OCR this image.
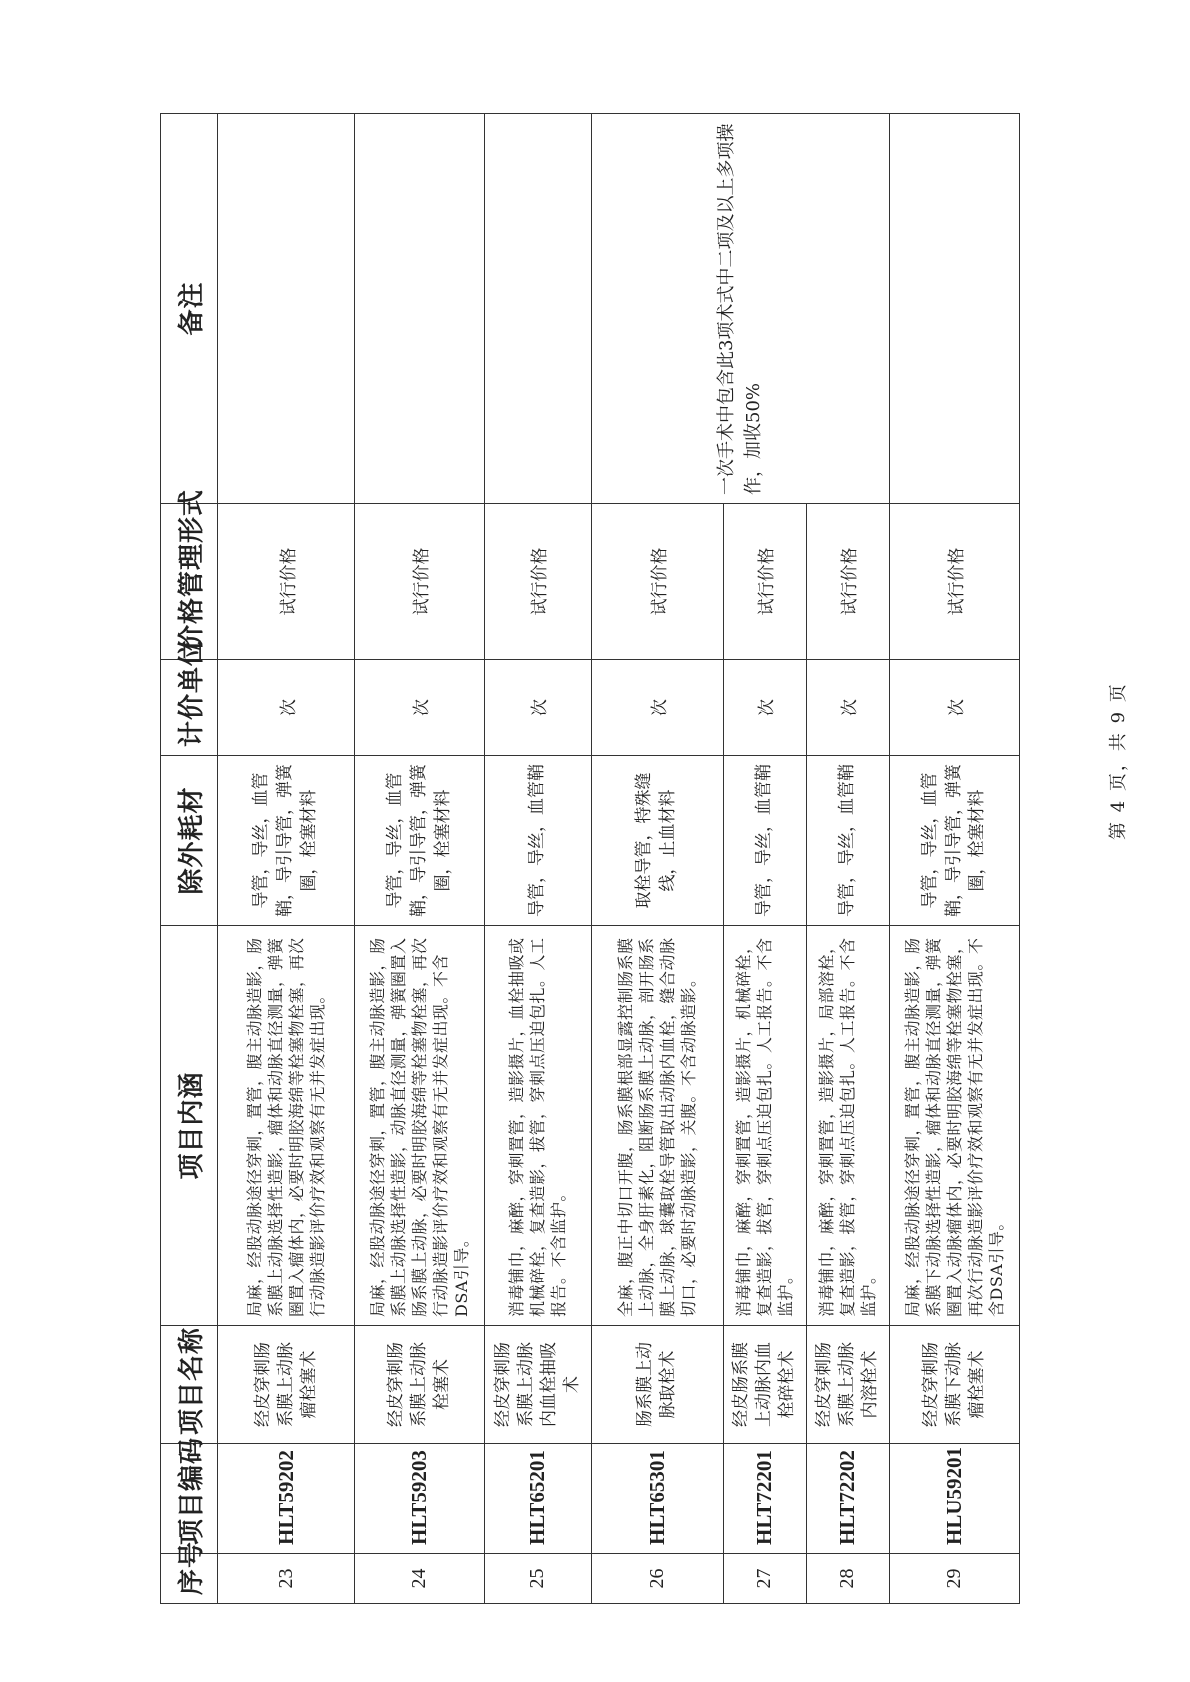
序号	项目编码	项目名称	项目内涵	除外耗材	计价单位	价格管理形式	备注
23	HLT59202	经皮穿刺肠系膜上动脉瘤栓塞术	局麻，经股动脉途径穿刺，置管，腹主动脉造影，肠系膜上动脉选择性造影，瘤体和动脉直径测量，弹簧圈置入瘤体内，必要时明胶海绵等栓塞物栓塞，再次行动脉造影评价疗效和观察有无并发症出现。	导管，导丝，血管鞘，导引导管，弹簧圈，栓塞材料	次	试行价格	
24	HLT59203	经皮穿刺肠系膜上动脉栓塞术	局麻，经股动脉途径穿刺，置管，腹主动脉造影，肠系膜上动脉选择性造影，动脉直径测量，弹簧圈置入肠系膜上动脉，必要时明胶海绵等栓塞物栓塞，再次行动脉造影评价疗效和观察有无并发症出现。不含DSA引导。	导管，导丝，血管鞘，导引导管，弹簧圈，栓塞材料	次	试行价格	
25	HLT65201	经皮穿刺肠系膜上动脉内血栓抽吸术	消毒铺巾，麻醉，穿刺置管，造影摄片，血栓抽吸或机械碎栓，复查造影，拔管，穿刺点压迫包扎。人工报告。不含监护。	导管，导丝，血管鞘	次	试行价格	
26	HLT65301	肠系膜上动脉取栓术	全麻，腹正中切口开腹，肠系膜根部显露控制肠系膜上动脉，全身肝素化，阻断肠系膜上动脉，剖开肠系膜上动脉，球囊取栓导管取出动脉内血栓，缝合动脉切口，必要时动脉造影，关腹。不含动脉造影。	取栓导管，特殊缝线，止血材料	次	试行价格	一次手术中包含此3项术式中二项及以上多项操作，加收50%
27	HLT72201	经皮肠系膜上动脉内血栓碎栓术	消毒铺巾，麻醉，穿刺置管，造影摄片，机械碎栓，复查造影，拔管，穿刺点压迫包扎。人工报告。不含监护。	导管，导丝，血管鞘	次	试行价格	
28	HLT72202	经皮穿刺肠系膜上动脉内溶栓术	消毒铺巾，麻醉，穿刺置管，造影摄片，局部溶栓，复查造影，拔管，穿刺点压迫包扎。人工报告。不含监护。	导管，导丝，血管鞘	次	试行价格	
29	HLU59201	经皮穿刺肠系膜下动脉瘤栓塞术	局麻，经股动脉途径穿刺，置管，腹主动脉造影，肠系膜下动脉选择性造影，瘤体和动脉直径测量，弹簧圈置入动脉瘤体内，必要时明胶海绵等栓塞物栓塞，再次行动脉造影评价疗效和观察有无并发症出现。不含DSA引导。	导管，导丝，血管鞘，导引导管，弹簧圈，栓塞材料	次	试行价格	
第 4 页，共 9 页
